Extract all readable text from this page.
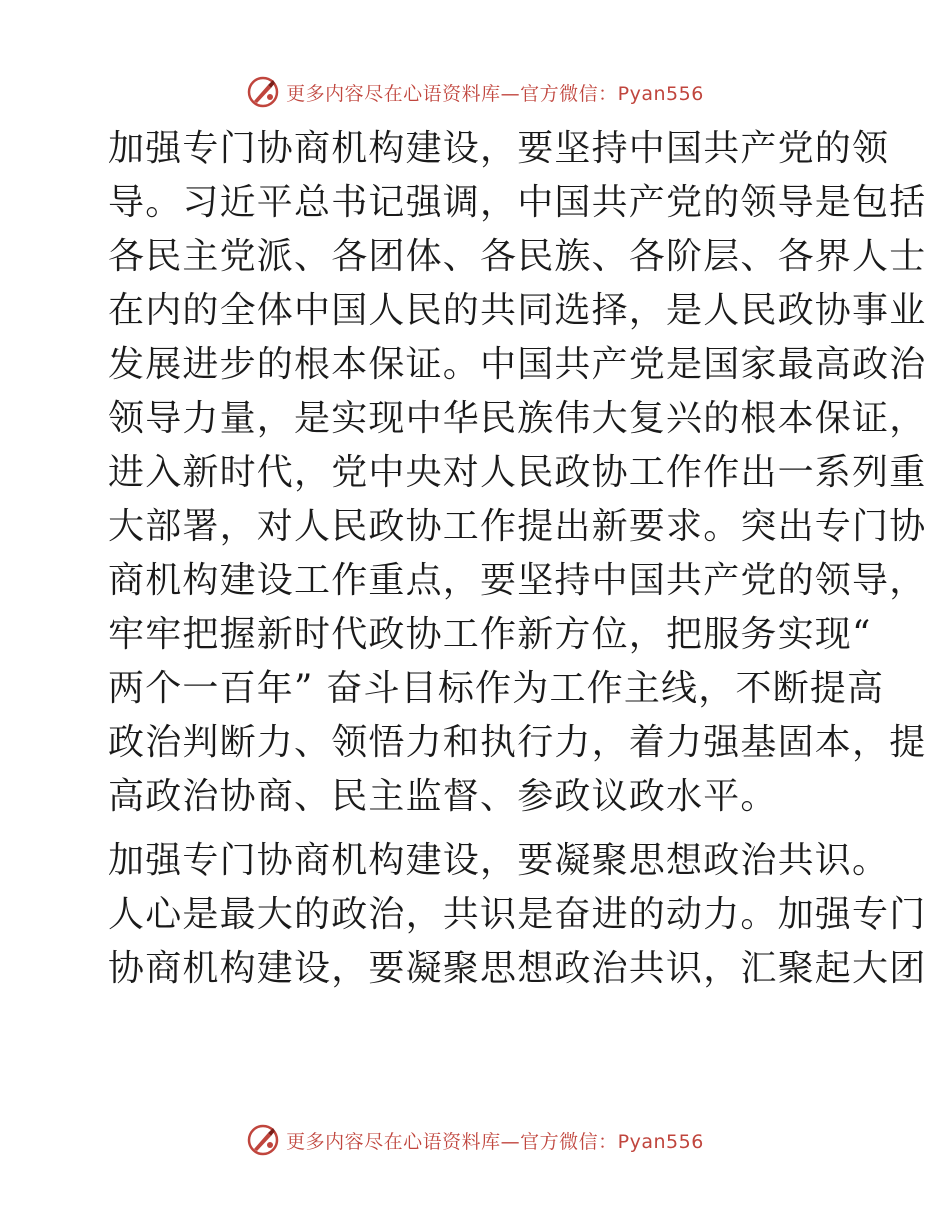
更多内容尽在心语资料库—官方微信：Pyan556

加强专门协商机构建设，要坚持中国共产党的领
导。习近平总书记强调，中国共产党的领导是包括
各民主党派、各团体、各民族、各阶层、各界人士
在内的全体中国人民的共同选择，是人民政协事业
发展进步的根本保证。中国共产党是国家最高政治
领导力量，是实现中华民族伟大复兴的根本保证，
进入新时代，党中央对人民政协工作作出一系列重
大部署，对人民政协工作提出新要求。突出专门协
商机构建设工作重点，要坚持中国共产党的领导，
牢牢把握新时代政协工作新方位，把服务实现“
两个一百年” 奋斗目标作为工作主线，不断提高
政治判断力、领悟力和执行力，着力强基固本，提
高政治协商、民主监督、参政议政水平。

加强专门协商机构建设，要凝聚思想政治共识。
人心是最大的政治，共识是奋进的动力。加强专门
协商机构建设，要凝聚思想政治共识，汇聚起大团

更多内容尽在心语资料库—官方微信：Pyan556
